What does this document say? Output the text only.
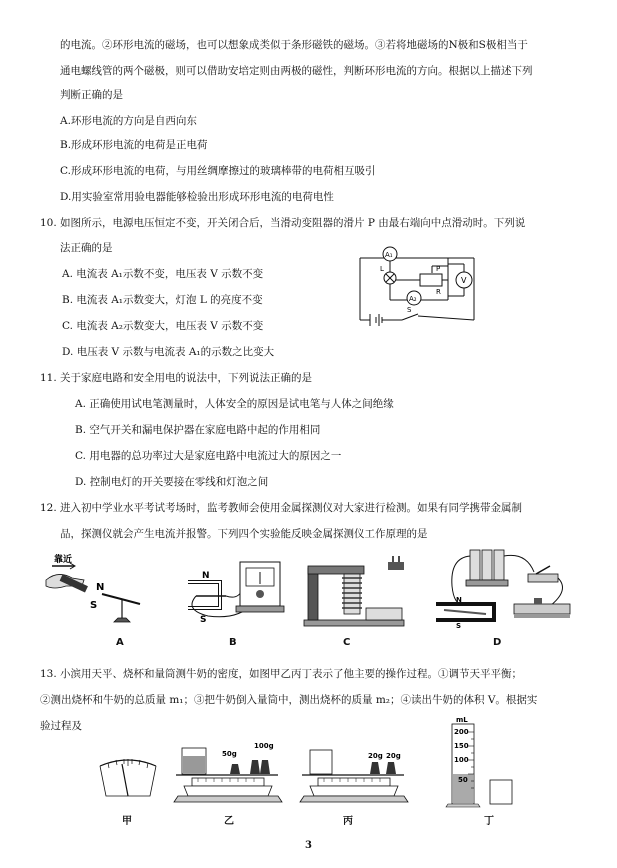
的电流。②环形电流的磁场，也可以想象成类似于条形磁铁的磁场。③若将地磁场的N极和S极相当于
通电螺线管的两个磁极，则可以借助安培定则由两极的磁性，判断环形电流的方向。根据以上描述下列
判断正确的是
A.环形电流的方向是自西向东
B.形成环形电流的电荷是正电荷
C.形成环形电流的电荷，与用丝绸摩擦过的玻璃棒带的电荷相互吸引
D.用实验室常用验电器能够检验出形成环形电流的电荷电性
10. 如图所示，电源电压恒定不变，开关闭合后，当滑动变阻器的滑片 P 由最右端向中点滑动时。下列说
法正确的是
A. 电流表 A₁示数不变，电压表 V 示数不变
B. 电流表 A₁示数变大，灯泡 L 的亮度不变
C. 电流表 A₂示数变大，电压表 V 示数不变
D. 电压表 V 示数与电流表 A₁的示数之比变大
A₁
A₂
L
V
P
R
S
11. 关于家庭电路和安全用电的说法中，下列说法正确的是
A. 正确使用试电笔测量时，人体安全的原因是试电笔与人体之间绝缘
B. 空气开关和漏电保护器在家庭电路中起的作用相同
C. 用电器的总功率过大是家庭电路中电流过大的原因之一
D. 控制电灯的开关要接在零线和灯泡之间
12. 进入初中学业水平考试考场时，监考教师会使用金属探测仪对大家进行检测。如果有同学携带金属制
品，探测仪就会产生电流并报警。下列四个实验能反映金属探测仪工作原理的是
靠近
N
S
A
N
S
B	C
N
S
D
13. 小滨用天平、烧杯和量筒测牛奶的密度，如图甲乙丙丁表示了他主要的操作过程。①调节天平平衡；
②测出烧杯和牛奶的总质量 m₁；③把牛奶倒入量筒中，测出烧杯的质量 m₂；④读出牛奶的体积 V。根据实
验过程及
甲
50g
100g
乙
20g 20g
丙
mL
200
150
100
50
丁
3
